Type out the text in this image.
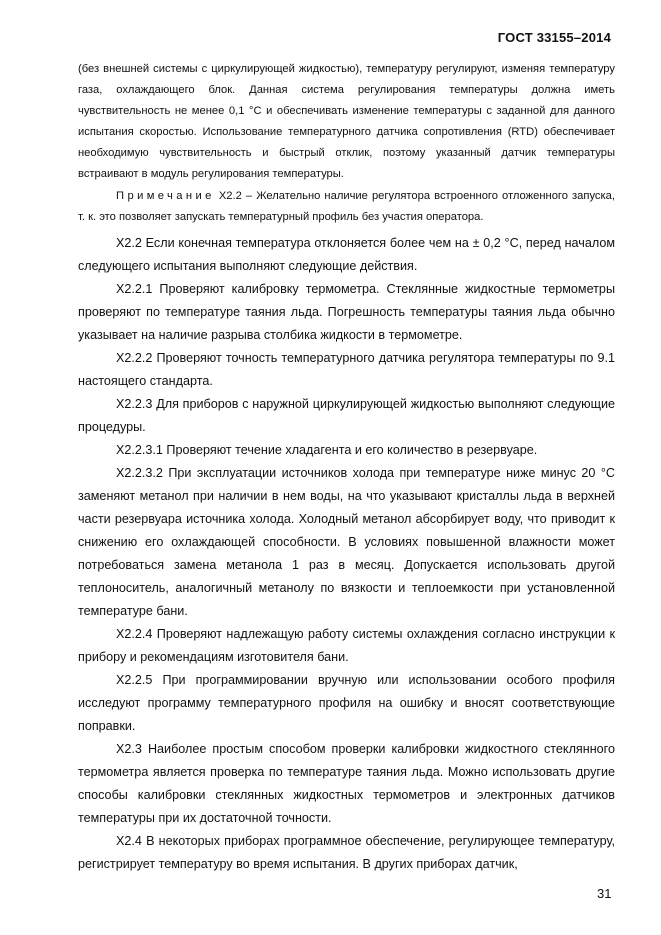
ГОСТ 33155–2014

(без внешней системы с циркулирующей жидкостью), температуру регулируют, изменяя температуру газа, охлаждающего блок. Данная система регулирования температуры должна иметь чувствительность не менее 0,1 °С и обеспечивать изменение температуры с заданной для данного испытания скоростью. Использование температурного датчика сопротивления (RTD) обеспечивает необходимую чувствительность и быстрый отклик, поэтому указанный датчик температуры встраивают в модуль регулирования температуры.

Примечание Х2.2 – Желательно наличие регулятора встроенного отложенного запуска, т. к. это позволяет запускать температурный профиль без участия оператора.

Х2.2 Если конечная температура отклоняется более чем на ± 0,2 °С, перед началом следующего испытания выполняют следующие действия.

Х2.2.1 Проверяют калибровку термометра. Стеклянные жидкостные термометры проверяют по температуре таяния льда. Погрешность температуры таяния льда обычно указывает на наличие разрыва столбика жидкости в термометре.

Х2.2.2 Проверяют точность температурного датчика регулятора температуры по 9.1 настоящего стандарта.

Х2.2.3 Для приборов с наружной циркулирующей жидкостью выполняют следующие процедуры.

Х2.2.3.1 Проверяют течение хладагента и его количество в резервуаре.

Х2.2.3.2 При эксплуатации источников холода при температуре ниже минус 20 °С заменяют метанол при наличии в нем воды, на что указывают кристаллы льда в верхней части резервуара источника холода. Холодный метанол абсорбирует воду, что приводит к снижению его охлаждающей способности. В условиях повышенной влажности может потребоваться замена метанола 1 раз в месяц. Допускается использовать другой теплоноситель, аналогичный метанолу по вязкости и теплоемкости при установленной температуре бани.

Х2.2.4 Проверяют надлежащую работу системы охлаждения согласно инструкции к прибору и рекомендациям изготовителя бани.

Х2.2.5 При программировании вручную или использовании особого профиля исследуют программу температурного профиля на ошибку и вносят соответствующие поправки.

Х2.3 Наиболее простым способом проверки калибровки жидкостного стеклянного термометра является проверка по температуре таяния льда. Можно использовать другие способы калибровки стеклянных жидкостных термометров и электронных датчиков температуры при их достаточной точности.

Х2.4 В некоторых приборах программное обеспечение, регулирующее температуру, регистрирует температуру во время испытания. В других приборах датчик,

31
